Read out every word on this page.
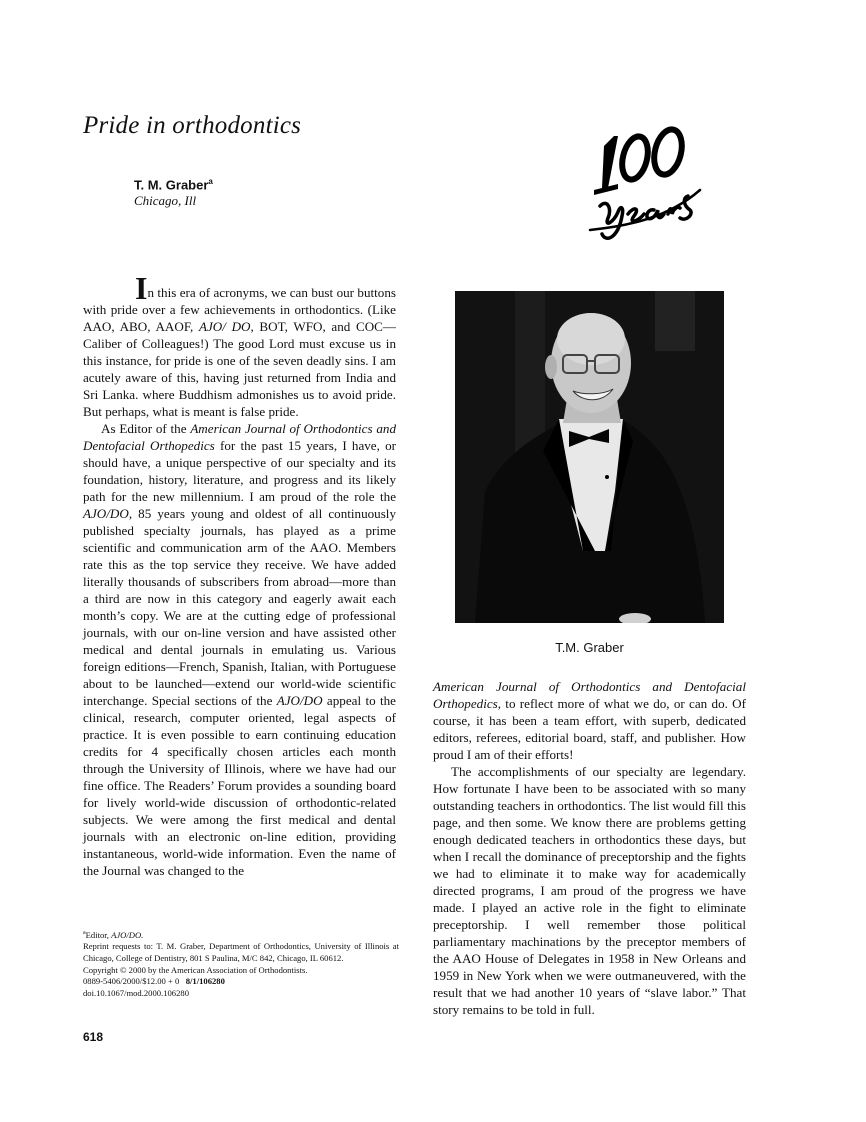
Pride in orthodontics
T. M. Graber$^a$
Chicago, Ill

In this era of acronyms, we can bust our buttons with pride over a few achievements in orthodontics. (Like AAO, ABO, AAOF, AJO/ DO, BOT, WFO, and COC—Caliber of Colleagues!) The good Lord must excuse us in this instance, for pride is one of the seven deadly sins. I am acutely aware of this, having just returned from India and Sri Lanka. where Buddhism admonishes us to avoid pride. But perhaps, what is meant is false pride.

As Editor of the American Journal of Orthodontics and Dentofacial Orthopedics for the past 15 years, I have, or should have, a unique perspective of our specialty and its foundation, history, literature, and progress and its likely path for the new millennium. I am proud of the role the AJO/DO, 85 years young and oldest of all continuously published specialty journals, has played as a prime scientific and communication arm of the AAO. Members rate this as the top service they receive. We have added literally thousands of subscribers from abroad—more than a third are now in this category and eagerly await each month’s copy. We are at the cutting edge of professional journals, with our on-line version and have assisted other medical and dental journals in emulating us. Various foreign editions—French, Spanish, Italian, with Portuguese about to be launched—extend our world-wide scientific interchange. Special sections of the AJO/DO appeal to the clinical, research, computer oriented, legal aspects of practice. It is even possible to earn continuing education credits for 4 specifically chosen articles each month through the University of Illinois, where we have had our fine office. The Readers’ Forum provides a sounding board for lively world-wide discussion of orthodontic-related subjects. We were among the first medical and dental journals with an electronic on-line edition, providing instantaneous, world-wide information. Even the name of the Journal was changed to the

T.M. Graber

American Journal of Orthodontics and Dentofacial Orthopedics, to reflect more of what we do, or can do. Of course, it has been a team effort, with superb, dedicated editors, referees, editorial board, staff, and publisher. How proud I am of their efforts!

The accomplishments of our specialty are legendary. How fortunate I have been to be associated with so many outstanding teachers in orthodontics. The list would fill this page, and then some. We know there are problems getting enough dedicated teachers in orthodontics these days, but when I recall the dominance of preceptorship and the fights we had to eliminate it to make way for academically directed programs, I am proud of the progress we have made. I played an active role in the fight to eliminate preceptorship. I well remember those political parliamentary machinations by the preceptor members of the AAO House of Delegates in 1958 in New Orleans and 1959 in New York when we were outmaneuvered, with the result that we had another 10 years of “slave labor.” That story remains to be told in full.

$^a$Editor, AJO/DO.
Reprint requests to: T. M. Graber, Department of Orthodontics, University of Illinois at Chicago, College of Dentistry, 801 S Paulina, M/C 842, Chicago, IL 60612.
Copyright © 2000 by the American Association of Orthodontists.
0889-5406/2000/$12.00 + 0 8/1/106280
doi.10.1067/mod.2000.106280
618
